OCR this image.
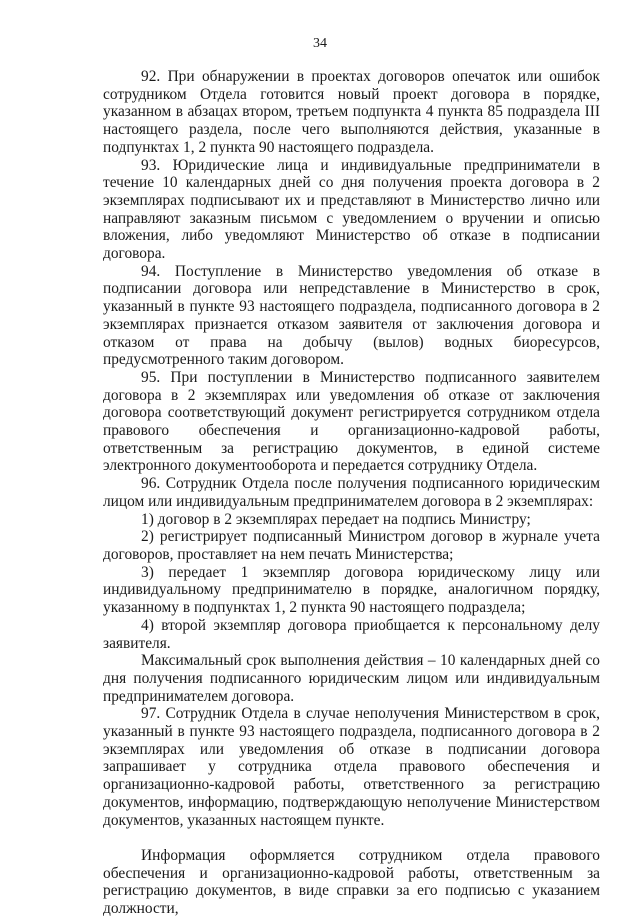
34

92. При обнаружении в проектах договоров опечаток или ошибок сотрудником Отдела готовится новый проект договора в порядке, указанном в абзацах втором, третьем подпункта 4 пункта 85 подраздела III настоящего раздела, после чего выполняются действия, указанные в подпунктах 1, 2 пункта 90 настоящего подраздела.

93. Юридические лица и индивидуальные предприниматели в течение 10 календарных дней со дня получения проекта договора в 2 экземплярах подписывают их и представляют в Министерство лично или направляют заказным письмом с уведомлением о вручении и описью вложения, либо уведомляют Министерство об отказе в подписании договора.

94. Поступление в Министерство уведомления об отказе в подписании договора или непредставление в Министерство в срок, указанный в пункте 93 настоящего подраздела, подписанного договора в 2 экземплярах признается отказом заявителя от заключения договора и отказом от права на добычу (вылов) водных биоресурсов, предусмотренного таким договором.

95. При поступлении в Министерство подписанного заявителем договора в 2 экземплярах или уведомления об отказе от заключения договора соответствующий документ регистрируется сотрудником отдела правового обеспечения и организационно-кадровой работы, ответственным за регистрацию документов, в единой системе электронного документооборота и передается сотруднику Отдела.

96. Сотрудник Отдела после получения подписанного юридическим лицом или индивидуальным предпринимателем договора в 2 экземплярах:

1) договор в 2 экземплярах передает на подпись Министру;

2) регистрирует подписанный Министром договор в журнале учета договоров, проставляет на нем печать Министерства;

3) передает 1 экземпляр договора юридическому лицу или индивидуальному предпринимателю в порядке, аналогичном порядку, указанному в подпунктах 1, 2 пункта 90 настоящего подраздела;

4) второй экземпляр договора приобщается к персональному делу заявителя.

Максимальный срок выполнения действия – 10 календарных дней со дня получения подписанного юридическим лицом или индивидуальным предпринимателем договора.

97. Сотрудник Отдела в случае неполучения Министерством в срок, указанный в пункте 93 настоящего подраздела, подписанного договора в 2 экземплярах или уведомления об отказе в подписании договора запрашивает у сотрудника отдела правового обеспечения и организационно-кадровой работы, ответственного за регистрацию документов, информацию, подтверждающую неполучение Министерством документов, указанных настоящем пункте.

Информация оформляется сотрудником отдела правового обеспечения и организационно-кадровой работы, ответственным за регистрацию документов, в виде справки за его подписью с указанием должности,
